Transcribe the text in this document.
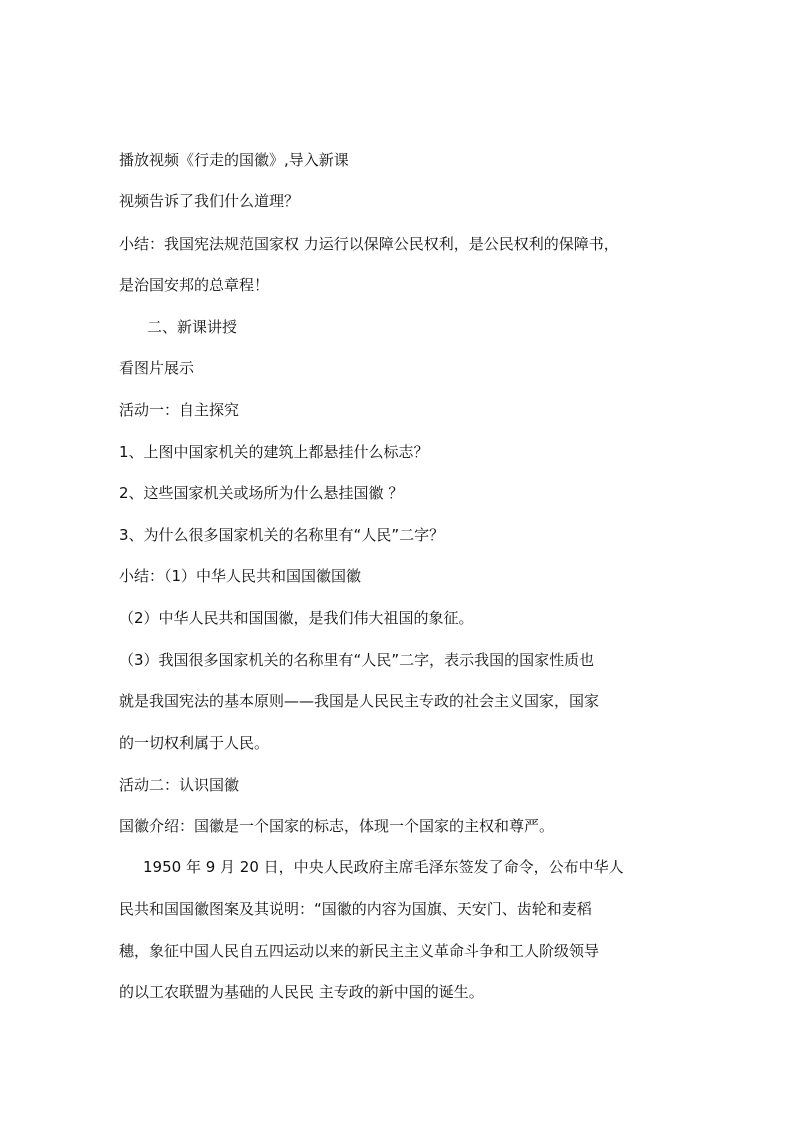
播放视频《行走的国徽》,导入新课
视频告诉了我们什么道理？
小结：我国宪法规范国家权 力运行以保障公民权利，是公民权利的保障书，
是治国安邦的总章程！
二、新课讲授
看图片展示
活动一：自主探究
1、上图中国家机关的建筑上都悬挂什么标志？
2、这些国家机关或场所为什么悬挂国徽 ？
3、为什么很多国家机关的名称里有“人民”二字？
小结：（1）中华人民共和国国徽国徽
（2）中华人民共和国国徽，是我们伟大祖国的象征。
（3）我国很多国家机关的名称里有“人民”二字，表示我国的国家性质也
就是我国宪法的基本原则——我国是人民民主专政的社会主义国家，国家
的一切权利属于人民。
活动二：认识国徽
国徽介绍：国徽是一个国家的标志，体现一个国家的主权和尊严。
1950 年 9 月 20 日，中央人民政府主席毛泽东签发了命令，公布中华人
民共和国国徽图案及其说明：“国徽的内容为国旗、天安门、齿轮和麦稻
穗，象征中国人民自五四运动以来的新民主主义革命斗争和工人阶级领导
的以工农联盟为基础的人民民 主专政的新中国的诞生。
